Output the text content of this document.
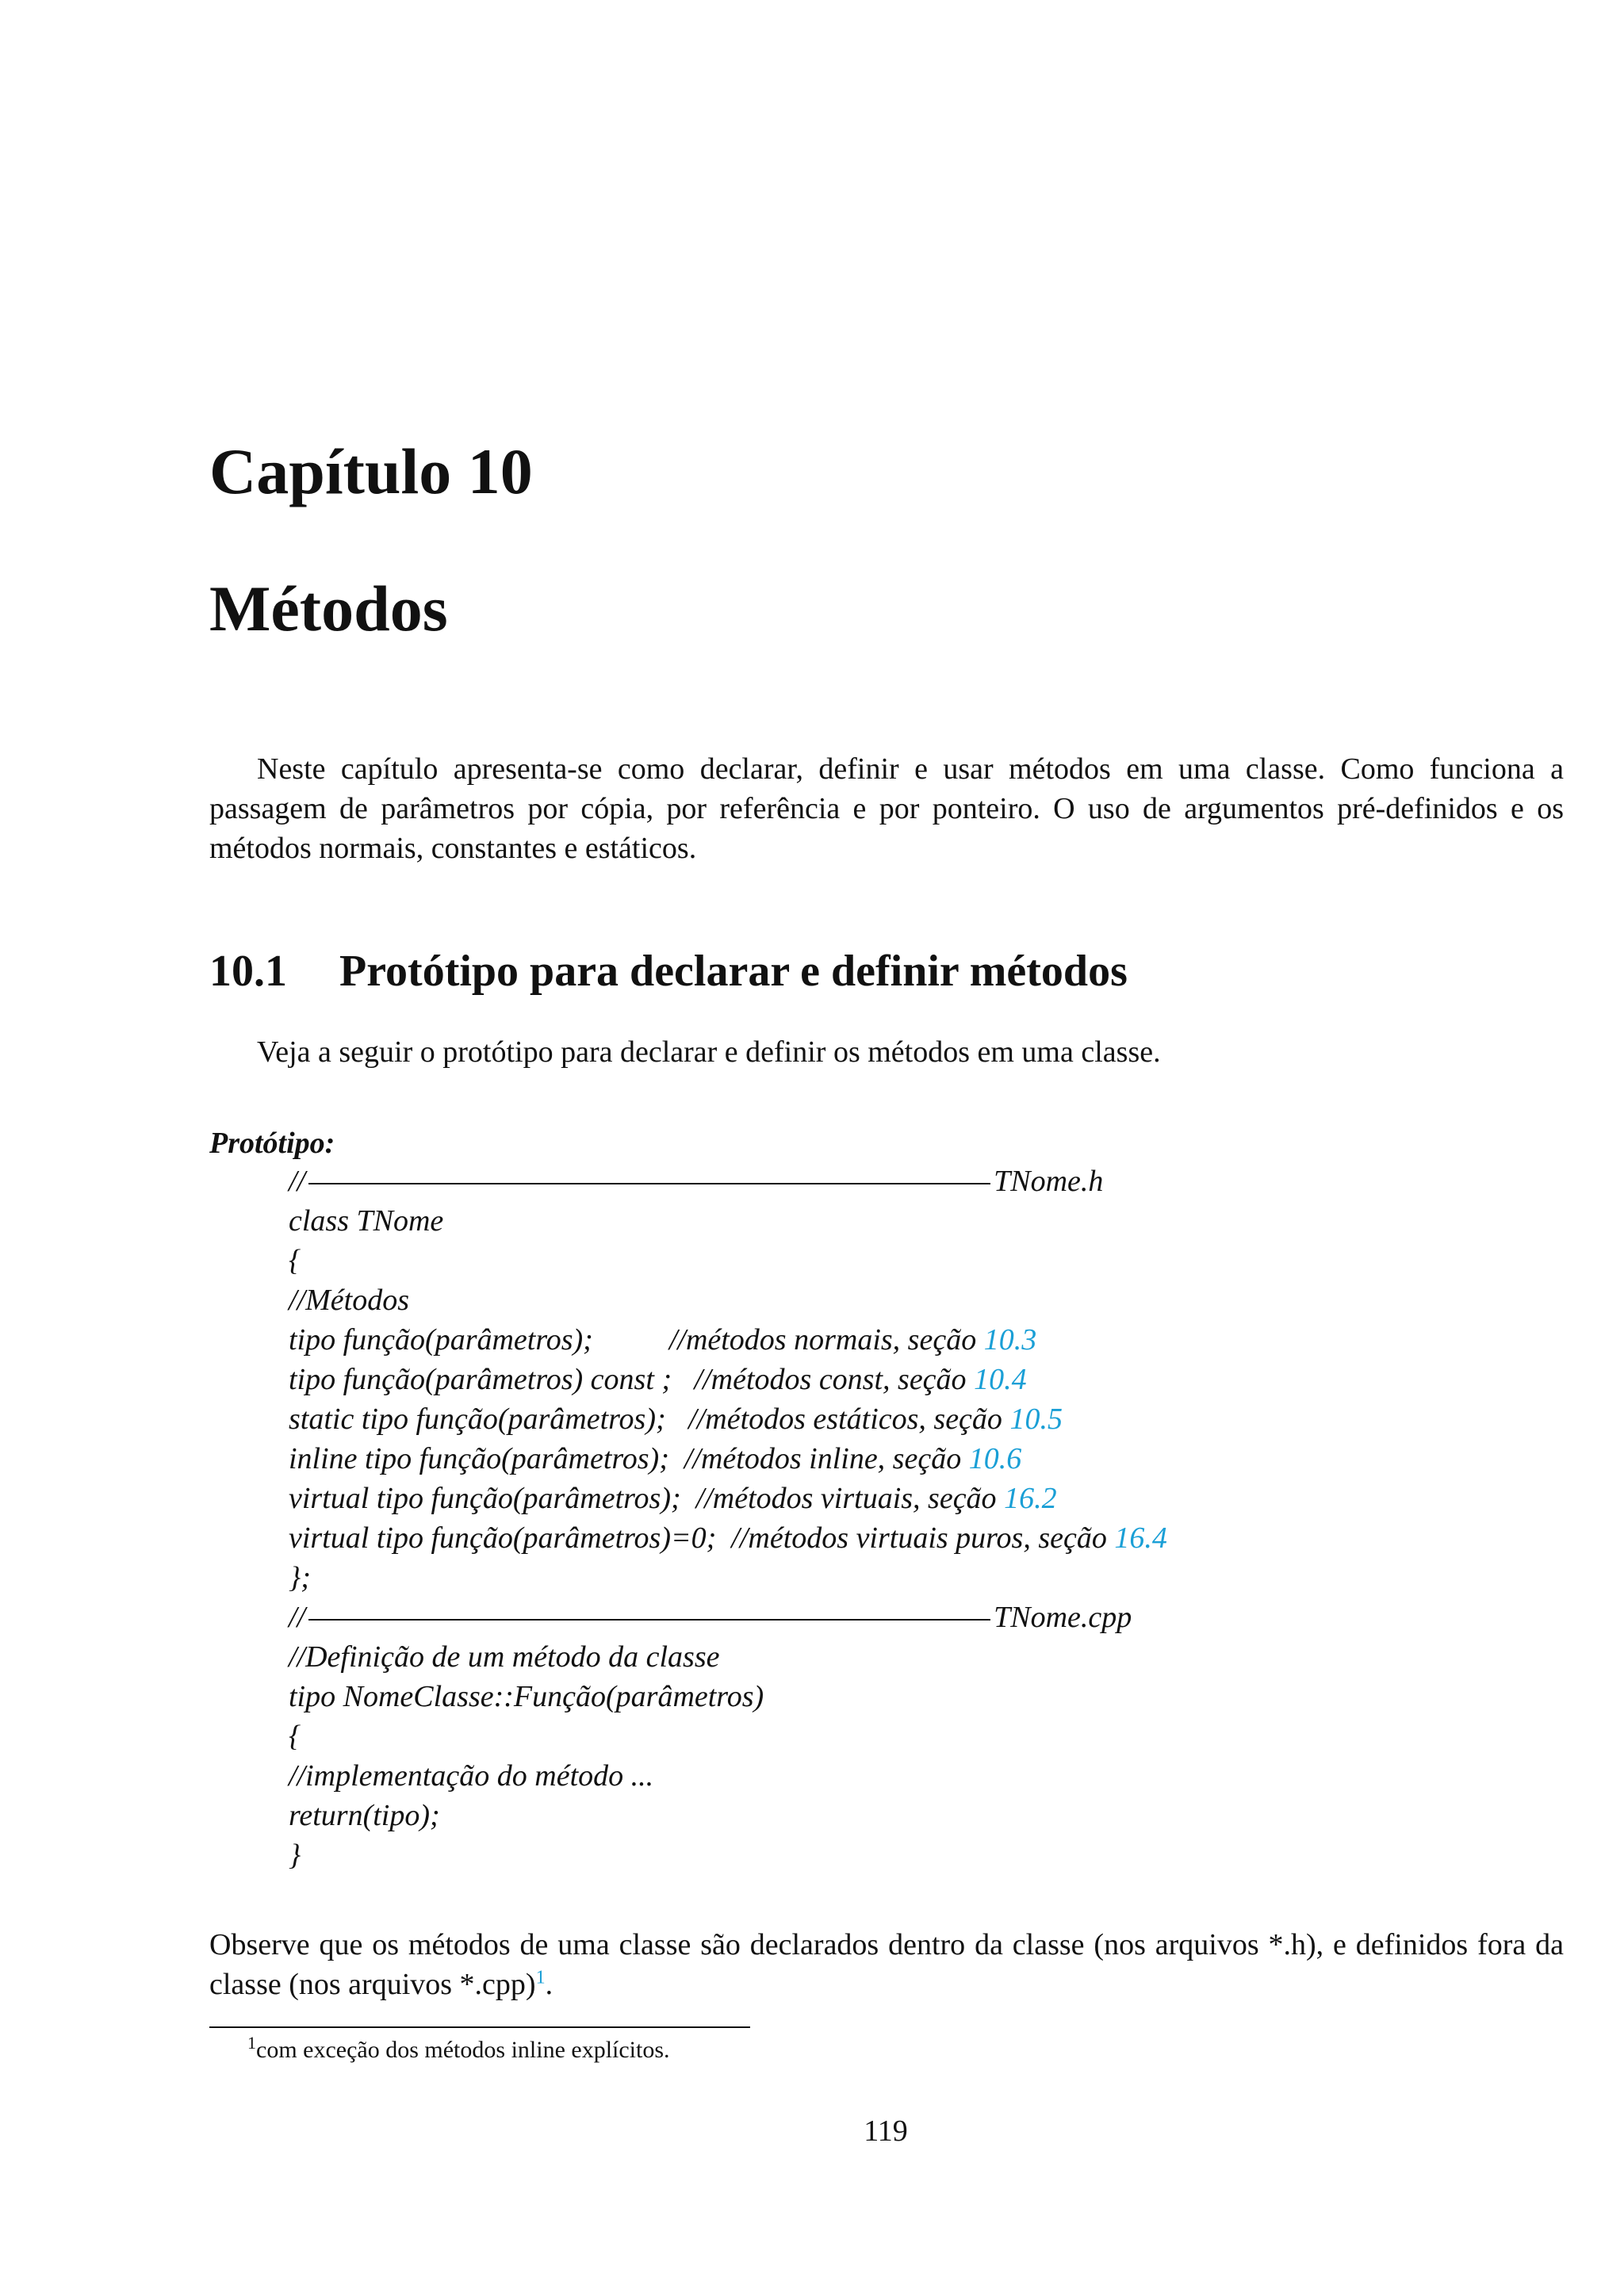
Capítulo 10
Métodos

Neste capítulo apresenta-se como declarar, definir e usar métodos em uma classe. Como funciona a passagem de parâmetros por cópia, por referência e por ponteiro. O uso de argumentos pré-definidos e os métodos normais, constantes e estáticos.

10.1 Protótipo para declarar e definir métodos

Veja a seguir o protótipo para declarar e definir os métodos em uma classe.

Protótipo:
//	TNome.h
class TNome
{
//Métodos
tipo função(parâmetros);	//métodos normais, seção 10.3
tipo função(parâmetros) const ; //métodos const, seção 10.4
static tipo função(parâmetros); //métodos estáticos, seção 10.5
inline tipo função(parâmetros); //métodos inline, seção 10.6
virtual tipo função(parâmetros); //métodos virtuais, seção 16.2
virtual tipo função(parâmetros)=0; //métodos virtuais puros, seção 16.4
};
//	TNome.cpp
//Definição de um método da classe
tipo NomeClasse::Função(parâmetros)
{
//implementação do método ...
return(tipo);
}

Observe que os métodos de uma classe são declarados dentro da classe (nos arquivos *.h), e definidos fora da classe (nos arquivos *.cpp)$^1$.

$^1$com exceção dos métodos inline explícitos.

119
